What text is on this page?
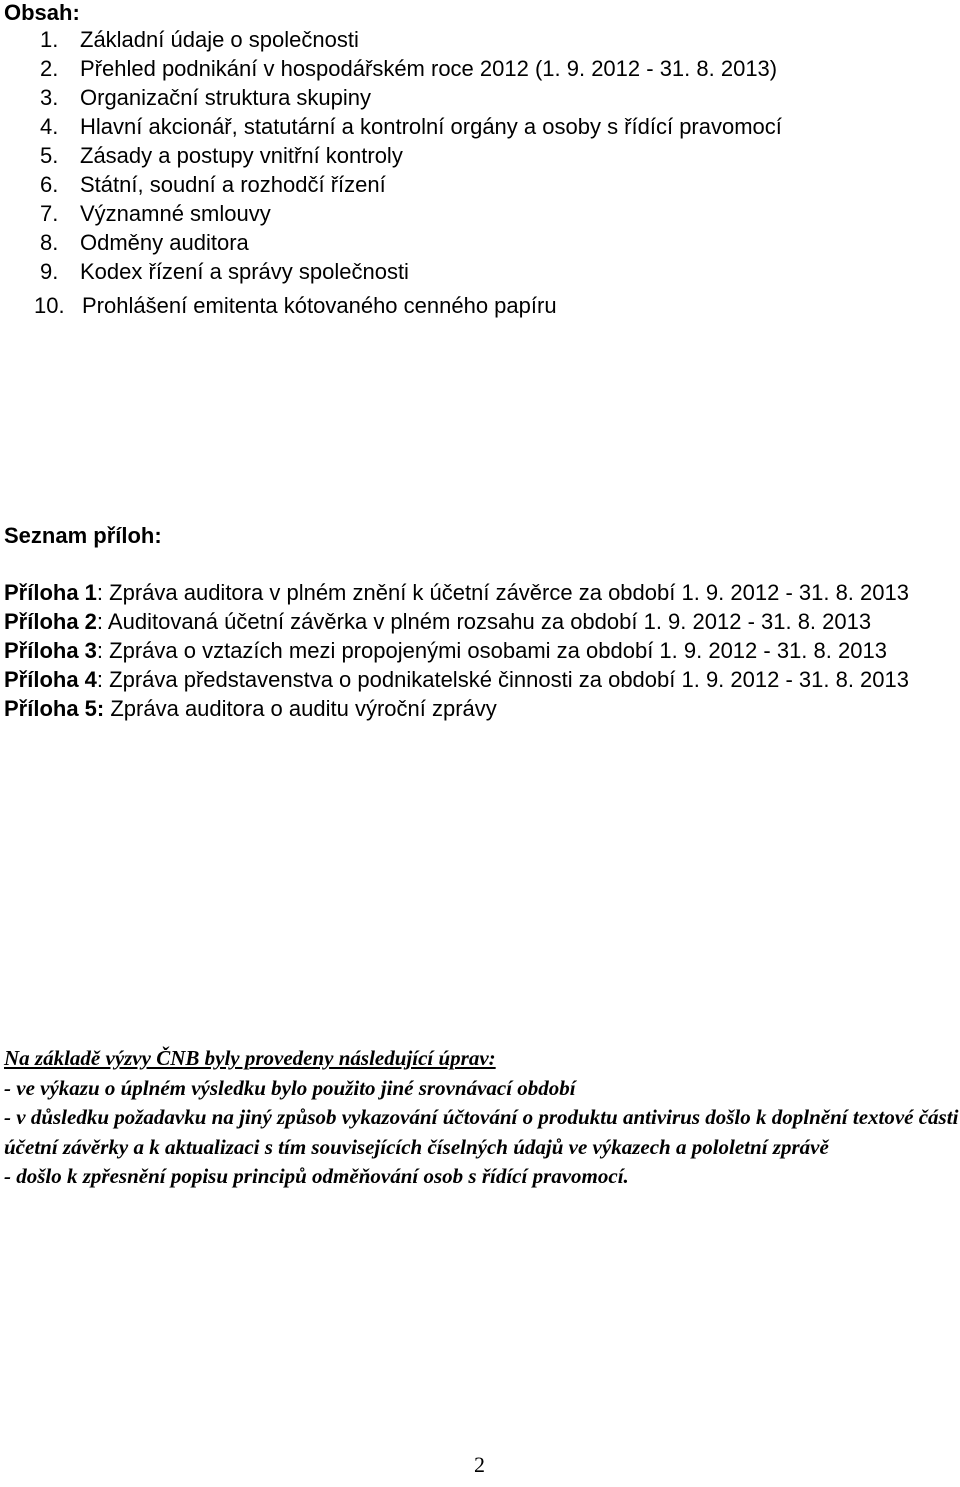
Obsah:
1. Základní údaje o společnosti
2. Přehled podnikání v hospodářském roce 2012 (1. 9. 2012 - 31. 8. 2013)
3. Organizační struktura skupiny
4. Hlavní akcionář, statutární a kontrolní orgány a osoby s řídící pravomocí
5. Zásady a postupy vnitřní kontroly
6. Státní, soudní a rozhodčí řízení
7. Významné smlouvy
8. Odměny auditora
9. Kodex řízení a správy společnosti
10. Prohlášení emitenta kótovaného cenného papíru
Seznam příloh:

Příloha 1: Zpráva auditora v plném znění k účetní závěrce za období 1. 9. 2012 - 31. 8. 2013

Příloha 2: Auditovaná účetní závěrka v plném rozsahu za období 1. 9. 2012 - 31. 8. 2013

Příloha 3: Zpráva o vztazích mezi propojenými osobami za období 1. 9. 2012 - 31. 8. 2013

Příloha 4: Zpráva představenstva o podnikatelské činnosti za období 1. 9. 2012 - 31. 8. 2013

Příloha 5: Zpráva auditora o auditu výroční zprávy

Na základě výzvy ČNB byly provedeny následující úprav:

- ve výkazu o úplném výsledku bylo použito jiné srovnávací období

- v důsledku požadavku na jiný způsob vykazování účtování o produktu antivirus došlo k doplnění textové části účetní závěrky a k aktualizaci s tím souvisejících číselných údajů ve výkazech a pololetní zprávě

- došlo k zpřesnění popisu principů odměňování osob s řídící pravomocí.

2
